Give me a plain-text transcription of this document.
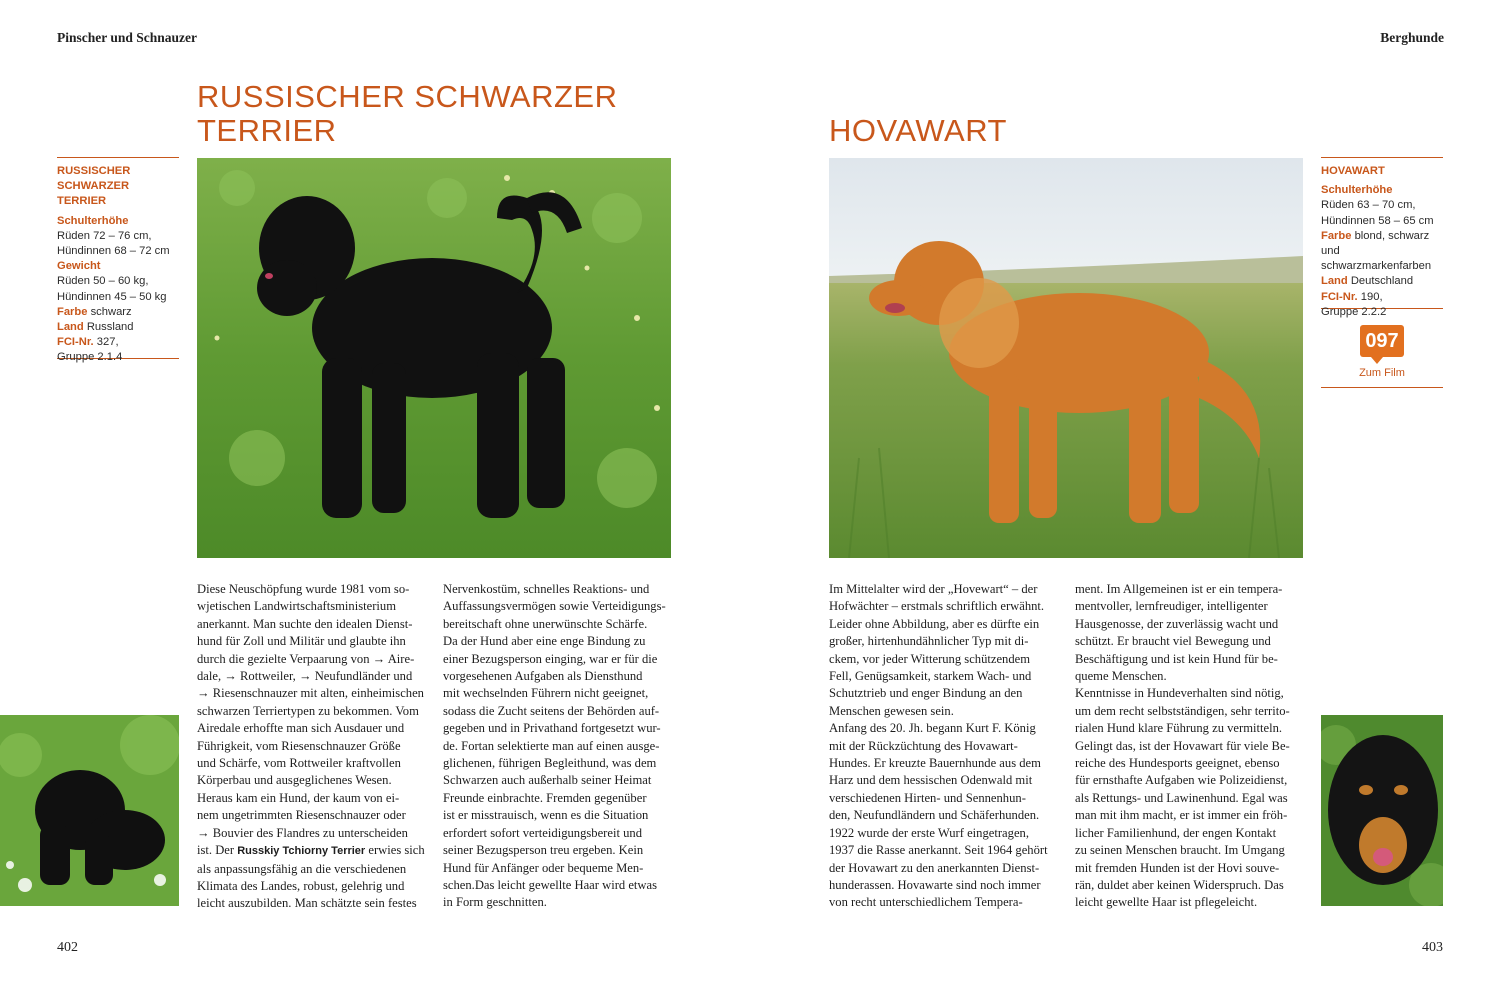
Pinscher und Schnauzer
RUSSISCHER SCHWARZER
TERRIER
RUSSISCHER
SCHWARZER TERRIER
Schulterhöhe
Rüden 72 – 76 cm,
Hündinnen 68 – 72 cm
Gewicht
Rüden 50 – 60 kg,
Hündinnen 45 – 50 kg
Farbe schwarz
Land Russland
FCI-Nr. 327,
Gruppe 2.1.4

Diese Neuschöpfung wurde 1981 vom so-

wjetischen Landwirtschaftsministerium

anerkannt. Man suchte den idealen Dienst-

hund für Zoll und Militär und glaubte ihn

durch die gezielte Verpaarung von → Aire-

dale, → Rottweiler, → Neufundländer und

→ Riesenschnauzer mit alten, einheimischen

schwarzen Terriertypen zu bekommen. Vom

Airedale erhoffte man sich Ausdauer und

Führigkeit, vom Riesenschnauzer Größe

und Schärfe, vom Rottweiler kraftvollen

Körperbau und ausgeglichenes Wesen.

Heraus kam ein Hund, der kaum von ei-

nem ungetrimmten Riesenschnauzer oder

→ Bouvier des Flandres zu unterscheiden

ist. Der Russkiy Tchiorny Terrier erwies sich

als anpassungsfähig an die verschiedenen

Klimata des Landes, robust, gelehrig und

leicht auszubilden. Man schätzte sein festes

Nervenkostüm, schnelles Reaktions- und

Auffassungsvermögen sowie Verteidigungs-

bereitschaft ohne unerwünschte Schärfe.

Da der Hund aber eine enge Bindung zu

einer Bezugsperson einging, war er für die

vorgesehenen Aufgaben als Diensthund

mit wechselnden Führern nicht geeignet,

sodass die Zucht seitens der Behörden auf-

gegeben und in Privathand fortgesetzt wur-

de. Fortan selektierte man auf einen ausge-

glichenen, führigen Begleithund, was dem

Schwarzen auch außerhalb seiner Heimat

Freunde einbrachte. Fremden gegenüber

ist er misstrauisch, wenn es die Situation

erfordert sofort verteidigungsbereit und

seiner Bezugsperson treu ergeben. Kein

Hund für Anfänger oder bequeme Men-

schen.Das leicht gewellte Haar wird etwas

in Form geschnitten.

402
Berghunde
HOVAWART
HOVAWART
Schulterhöhe
Rüden 63 – 70 cm,
Hündinnen 58 – 65 cm
Farbe blond, schwarz
und schwarzmarkenfarben
Land Deutschland
FCI-Nr. 190,
Gruppe 2.2.2
097
Zum Film

Im Mittelalter wird der „Hovewart“ – der

Hofwächter – erstmals schriftlich erwähnt.

Leider ohne Abbildung, aber es dürfte ein

großer, hirtenhundähnlicher Typ mit di-

ckem, vor jeder Witterung schützendem

Fell, Genügsamkeit, starkem Wach- und

Schutztrieb und enger Bindung an den

Menschen gewesen sein.

Anfang des 20. Jh. begann Kurt F. König

mit der Rückzüchtung des Hovawart-

Hundes. Er kreuzte Bauernhunde aus dem

Harz und dem hessischen Odenwald mit

verschiedenen Hirten- und Sennenhun-

den, Neufundländern und Schäferhunden.

1922 wurde der erste Wurf eingetragen,

1937 die Rasse anerkannt. Seit 1964 gehört

der Hovawart zu den anerkannten Dienst-

hunderassen. Hovawarte sind noch immer

von recht unterschiedlichem Tempera-

ment. Im Allgemeinen ist er ein tempera-

mentvoller, lernfreudiger, intelligenter

Hausgenosse, der zuverlässig wacht und

schützt. Er braucht viel Bewegung und

Beschäftigung und ist kein Hund für be-

queme Menschen.

Kenntnisse in Hundeverhalten sind nötig,

um dem recht selbstständigen, sehr territo-

rialen Hund klare Führung zu vermitteln.

Gelingt das, ist der Hovawart für viele Be-

reiche des Hundesports geeignet, ebenso

für ernsthafte Aufgaben wie Polizeidienst,

als Rettungs- und Lawinenhund. Egal was

man mit ihm macht, er ist immer ein fröh-

licher Familienhund, der engen Kontakt

zu seinen Menschen braucht. Im Umgang

mit fremden Hunden ist der Hovi souve-

rän, duldet aber keinen Widerspruch. Das

leicht gewellte Haar ist pflegeleicht.

403
